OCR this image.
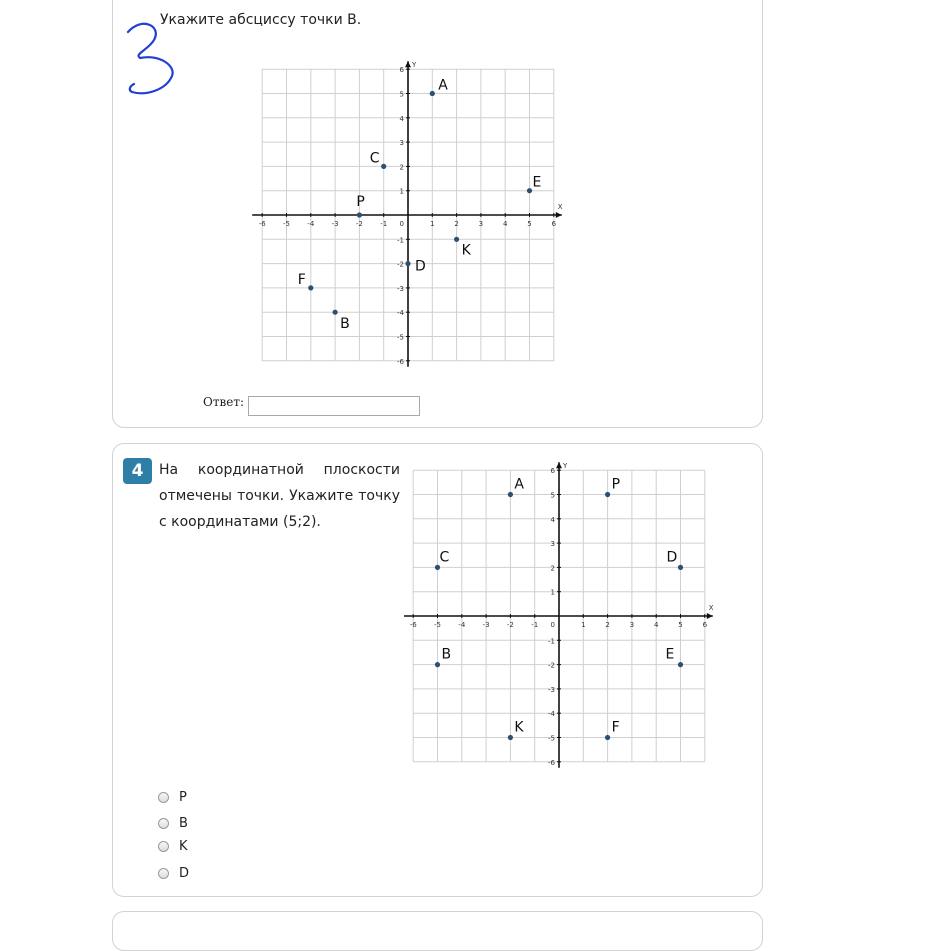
Укажите абсциссу точки B.
Ответ:
-6
-6
-5
-5
-4
-4
-3
-3
-2
-2
-1
-1
1
1
2
2
3
3
4
4
5
5
6
6
0
X
Y
A
C
E
P
K
D
F
B
4	На координатной плоскости отмечены точки. Укажите точку с координатами (5;2).
P
B
K
D
-6
-6
-5
-5
-4
-4
-3
-3
-2
-2
-1
-1
1
1
2
2
3
3
4
4
5
5
6
6
0
X
Y
A	P
C	D
B	E
K	F
